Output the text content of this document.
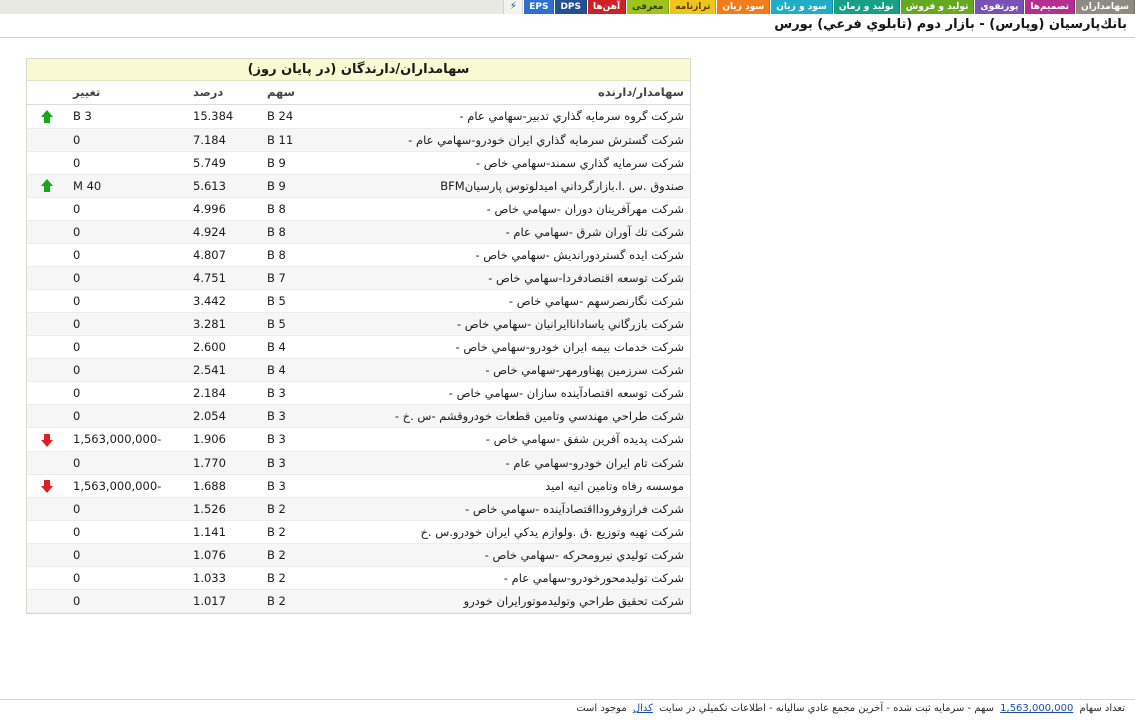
سهامداران
تصمیم‌ها
پورتفوی
تولید و فروش
تولید و زمان
سود و زیان
سود زیان
ترازنامه
معرفی
آهن‌ها
DPS
EPS
⚡
بانك‌پارسيان (وپارس) - بازار دوم (تابلوي فرعي) بورس
سهامداران/دارندگان (در پايان روز)
سهامدار/دارنده	سهم	درصد	تغییر	
شركت گروه سرمايه گذاري تدبير-سهامي عام -	24 B	15.384	3 B	
شركت گسترش سرمايه گذاري ايران خودرو-سهامي عام -	11 B	7.184	0	
شركت سرمايه گذاري سمند-سهامي خاص -	9 B	5.749	0	
صندوق .س .ا.بازارگرداني اميدلوتوس پارسيانBFM	9 B	5.613	40 M	
شركت مهرآفرينان دوران -سهامي خاص -	8 B	4.996	0	
شركت تك آوران شرق -سهامي عام -	8 B	4.924	0	
شركت ايده گستردورانديش -سهامي خاص -	8 B	4.807	0	
شركت توسعه اقتصادفردا-سهامي خاص -	7 B	4.751	0	
شركت نگارنصرسهم -سهامي خاص -	5 B	3.442	0	
شركت بازرگاني ياساداناايرانيان -سهامي خاص -	5 B	3.281	0	
شركت خدمات بيمه ايران خودرو-سهامي خاص -	4 B	2.600	0	
شركت سرزمين پهناورمهر-سهامي خاص -	4 B	2.541	0	
شركت توسعه اقتصادآينده سازان -سهامي خاص -	3 B	2.184	0	
شركت طراحي مهندسي وتامين قطعات خودروقشم -س .خ -	3 B	2.054	0	
شركت پديده آفرين شفق -سهامي خاص -	3 B	1.906	-1,563,000,000	
شركت تام ايران خودرو-سهامي عام -	3 B	1.770	0	
موسسه رفاه وتامين اتيه اميد	3 B	1.688	-1,563,000,000	
شركت فرازوفرودااقتصادآينده -سهامي خاص -	2 B	1.526	0	
شركت تهيه وتوزيع .ق .ولوازم يدكي ايران خودرو.س .خ	2 B	1.141	0	
شركت توليدي نيرومحركه -سهامي خاص -	2 B	1.076	0	
شركت توليدمحورخودرو-سهامي عام -	2 B	1.033	0	
شركت تحقيق طراحي وتوليدموتورايران خودرو	2 B	1.017	0	
تعداد سهام 1,563,000,000 سهم - سرمايه ثبت شده - آخرين مجمع عادي ساليانه - اطلاعات تكميلي در سايت كدال موجود است
